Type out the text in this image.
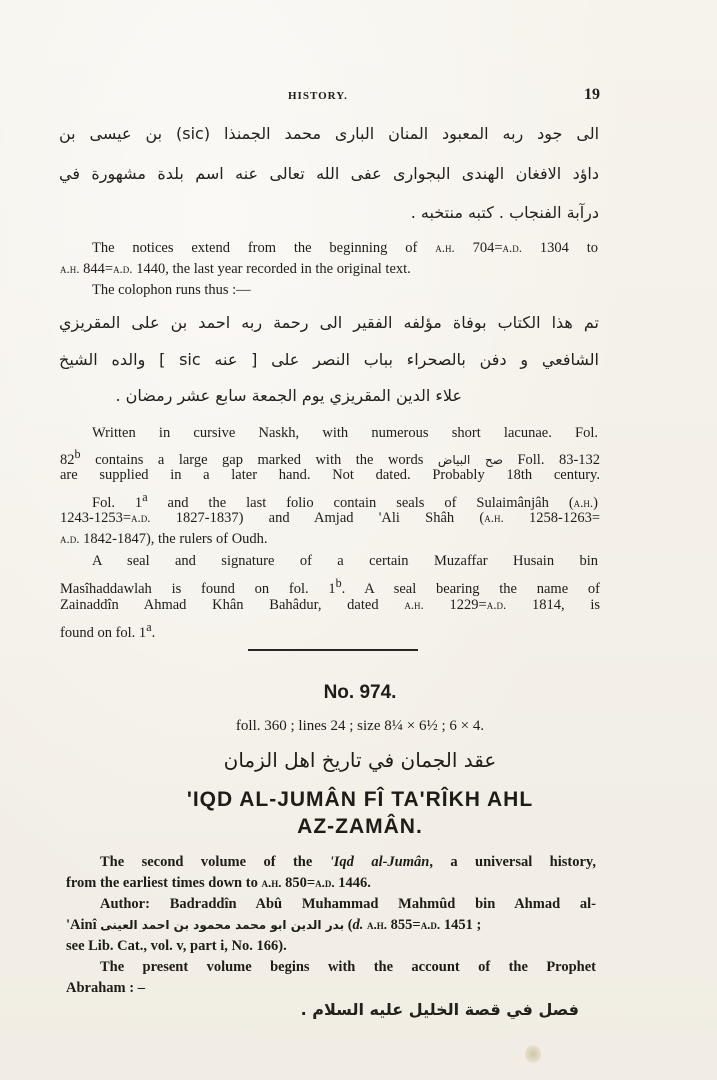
HISTORY.	19
الى جود ربه المعبود المنان البارى محمد الجمنذا (sic) بن عيسى بن
داؤد الافغان الهندى البجوارى عفى الله تعالى عنه اسم بلدة مشهورة في
درآبة الفنجاب . كتبه منتخبه .
The notices extend from the beginning of a.h. 704=a.d. 1304 to
a.h. 844=a.d. 1440, the last year recorded in the original text.
The colophon runs thus :—
تم هذا الكتاب بوفاة مؤلفه الفقير الى رحمة ربه احمد بن على المقريزي
الشافعي و دفن بالصحراء بباب النصر على [ عنه sic ] والده الشيخ
علاء الدين المقريزي يوم الجمعة سابع عشر رمضان .
Written in cursive Naskh, with numerous short lacunae. Fol.
82$^b$ contains a large gap marked with the words صح البياض Foll. 83-132
are supplied in a later hand. Not dated. Probably 18th century.
Fol. 1$^a$ and the last folio contain seals of Sulaimânjâh (a.h.)
1243-1253=a.d. 1827-1837) and Amjad 'Ali Shâh (a.h. 1258-1263=
a.d. 1842-1847), the rulers of Oudh.
A seal and signature of a certain Muzaffar Husain bin
Masîhaddawlah is found on fol. 1$^b$. A seal bearing the name of
Zainaddîn Ahmad Khân Bahâdur, dated a.h. 1229=a.d. 1814, is
found on fol. 1$^a$.
No. 974.
foll. 360 ; lines 24 ; size 8¼ × 6½ ; 6 × 4.
عقد الجمان في تاريخ اهل الزمان
'IQD AL-JUMÂN FÎ TA'RÎKH AHL
AZ-ZAMÂN.
The second volume of the 'Iqd al-Jumân, a universal history,
from the earliest times down to a.h. 850=a.d. 1446.
Author: Badraddîn Abû Muhammad Mahmûd bin Ahmad al-
'Ainî بدر الدين ابو محمد محمود بن احمد العينى (d. a.h. 855=a.d. 1451 ;
see Lib. Cat., vol. v, part i, No. 166).
The present volume begins with the account of the Prophet
Abraham : –
فصل في قصة الخليل عليه السلام .
